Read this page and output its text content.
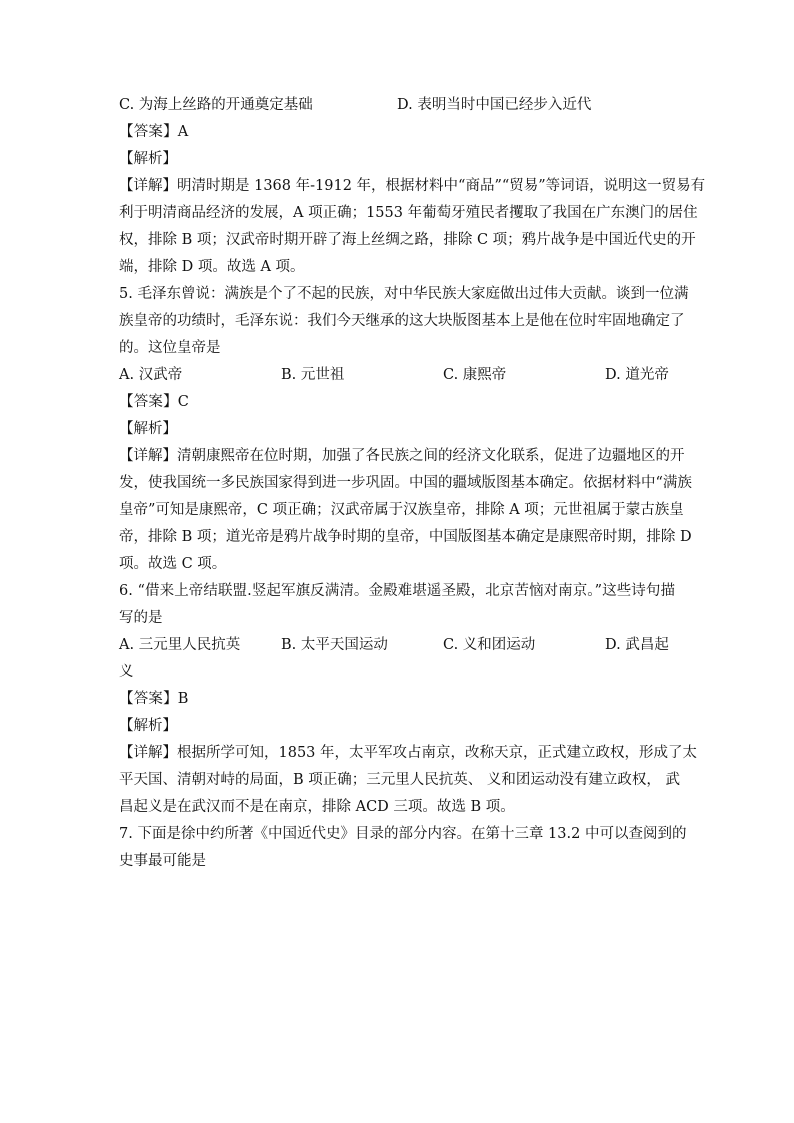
C. 为海上丝路的开通奠定基础	D. 表明当时中国已经步入近代
【答案】A
【解析】
【详解】明清时期是 1368 年-1912 年，根据材料中“商品”“贸易”等词语，说明这一贸易有
利于明清商品经济的发展，A 项正确；1553 年葡萄牙殖民者攫取了我国在广东澳门的居住
权，排除 B 项；汉武帝时期开辟了海上丝绸之路，排除 C 项；鸦片战争是中国近代史的开
端，排除 D 项。故选 A 项。
5. 毛泽东曾说：满族是个了不起的民族，对中华民族大家庭做出过伟大贡献。谈到一位满
族皇帝的功绩时，毛泽东说：我们今天继承的这大块版图基本上是他在位时牢固地确定了
的。这位皇帝是
A. 汉武帝	B. 元世祖	C. 康熙帝	D. 道光帝
【答案】C
【解析】
【详解】清朝康熙帝在位时期，加强了各民族之间的经济文化联系，促进了边疆地区的开
发，使我国统一多民族国家得到进一步巩固。中国的疆域版图基本确定。依据材料中“满族
皇帝”可知是康熙帝，C 项正确；汉武帝属于汉族皇帝，排除 A 项；元世祖属于蒙古族皇
帝，排除 B 项；道光帝是鸦片战争时期的皇帝，中国版图基本确定是康熙帝时期，排除 D
项。故选 C 项。
6. “借来上帝结联盟.竖起军旗反满清。金殿难堪遥圣殿，北京苦恼对南京。”这些诗句描
写的是
A. 三元里人民抗英	B. 太平天国运动	C. 义和团运动	D. 武昌起
义
【答案】B
【解析】
【详解】根据所学可知，1853 年，太平军攻占南京，改称天京，正式建立政权，形成了太
平天国、清朝对峙的局面，B 项正确；三元里人民抗英、 义和团运动没有建立政权， 武
昌起义是在武汉而不是在南京，排除 ACD 三项。故选 B 项。
7. 下面是徐中约所著《中国近代史》目录的部分内容。在第十三章 13.2 中可以查阅到的
史事最可能是
